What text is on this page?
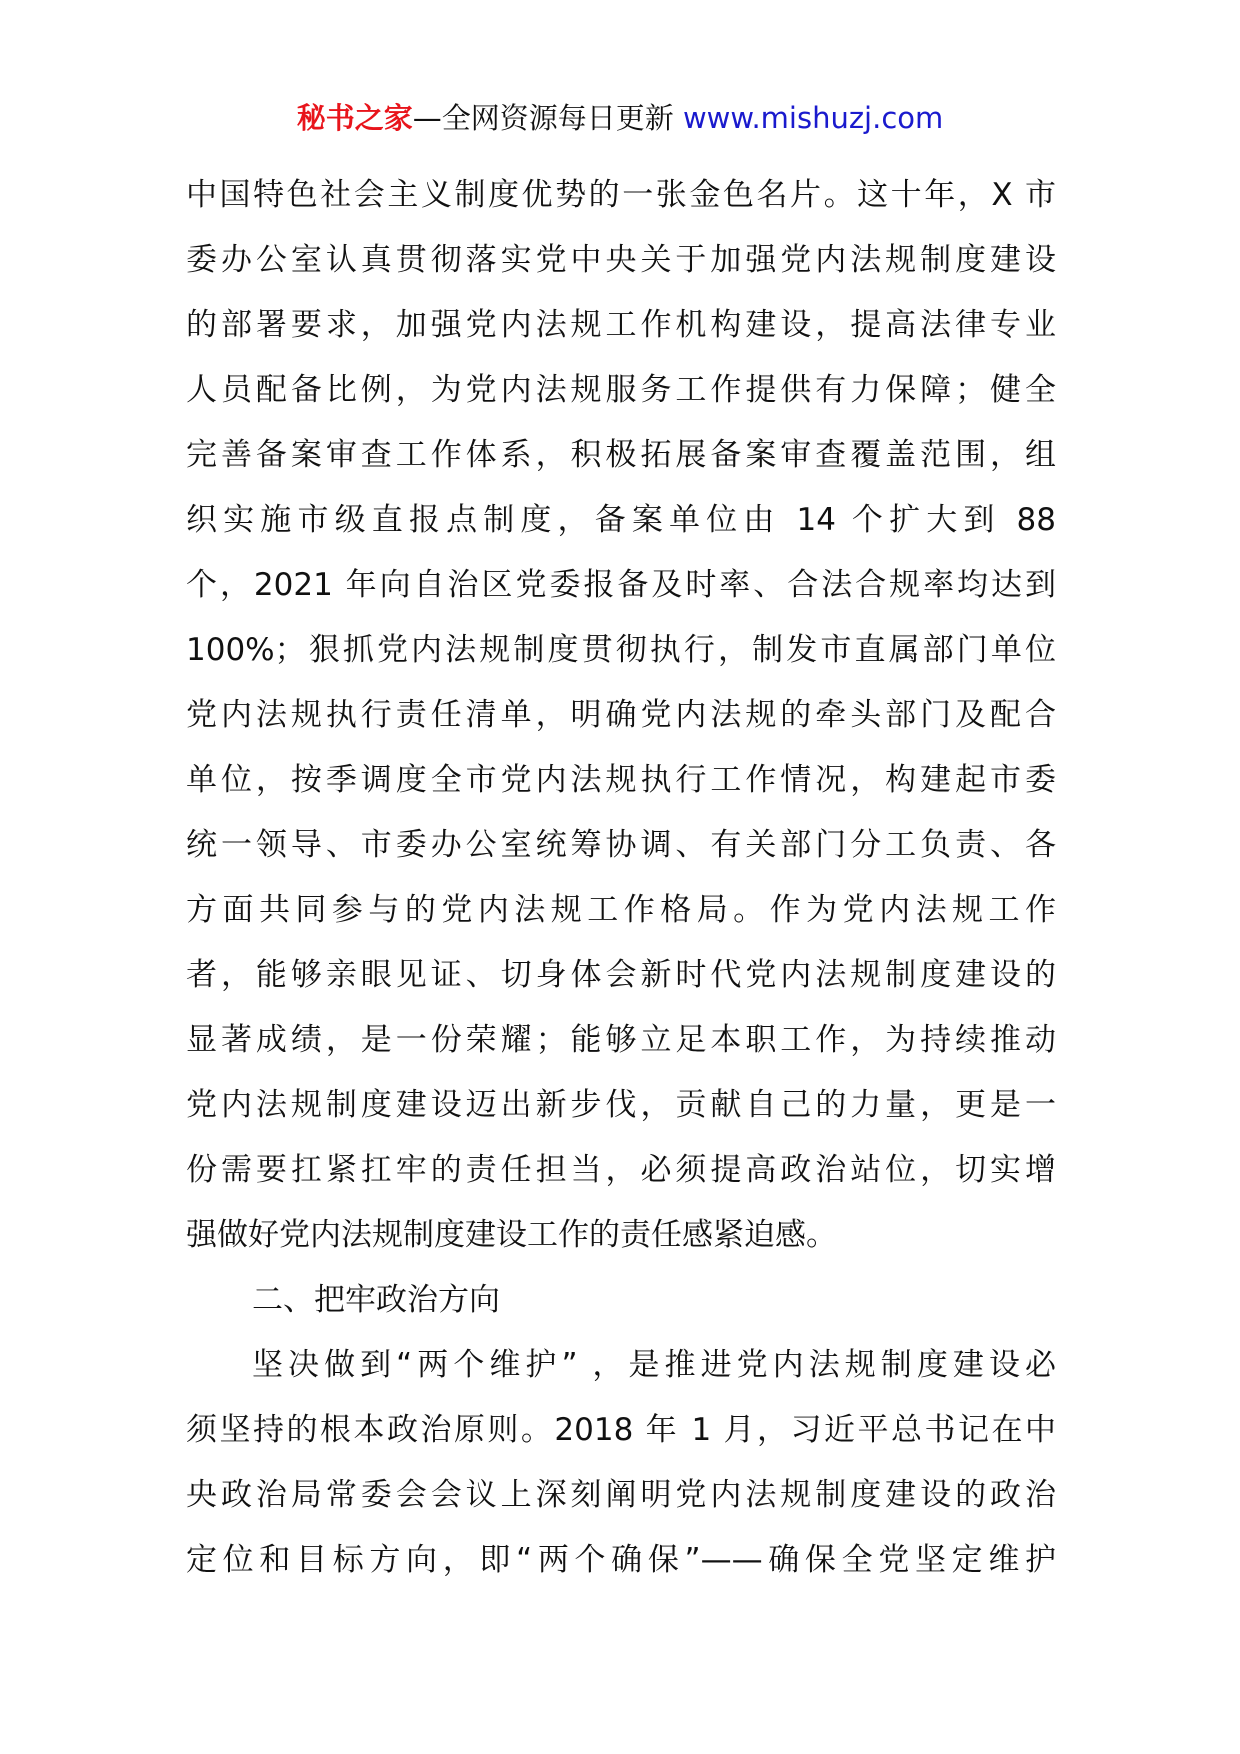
秘书之家—全网资源每日更新 www.mishuzj.com
中国特色社会主义制度优势的一张金色名片。这十年，X 市
委办公室认真贯彻落实党中央关于加强党内法规制度建设
的部署要求，加强党内法规工作机构建设，提高法律专业
人员配备比例，为党内法规服务工作提供有力保障；健全
完善备案审查工作体系，积极拓展备案审查覆盖范围，组
织实施市级直报点制度，备案单位由 14 个扩大到 88
个，2021 年向自治区党委报备及时率、合法合规率均达到
100%；狠抓党内法规制度贯彻执行，制发市直属部门单位
党内法规执行责任清单，明确党内法规的牵头部门及配合
单位，按季调度全市党内法规执行工作情况，构建起市委
统一领导、市委办公室统筹协调、有关部门分工负责、各
方面共同参与的党内法规工作格局。作为党内法规工作
者，能够亲眼见证、切身体会新时代党内法规制度建设的
显著成绩，是一份荣耀；能够立足本职工作，为持续推动
党内法规制度建设迈出新步伐，贡献自己的力量，更是一
份需要扛紧扛牢的责任担当，必须提高政治站位，切实增
强做好党内法规制度建设工作的责任感紧迫感。
二、把牢政治方向
坚决做到“两个维护” ，是推进党内法规制度建设必
须坚持的根本政治原则。2018 年 1 月，习近平总书记在中
央政治局常委会会议上深刻阐明党内法规制度建设的政治
定位和目标方向，即“两个确保”——确保全党坚定维护
